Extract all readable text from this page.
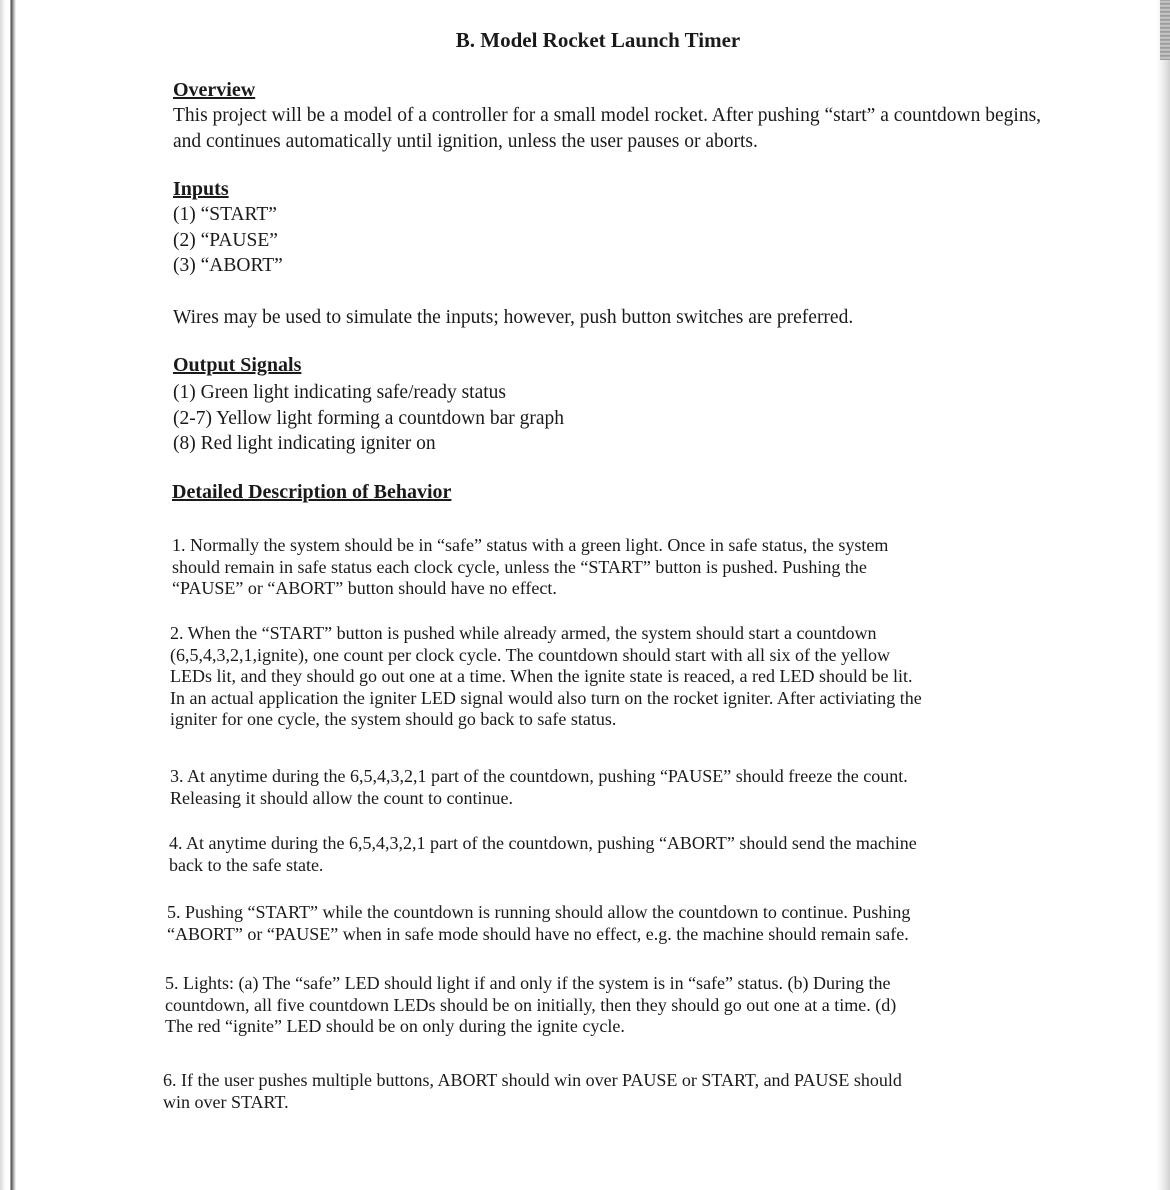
B. Model Rocket Launch Timer
Overview
This project will be a model of a controller for a small model rocket. After pushing “start” a countdown begins, and continues automatically until ignition, unless the user pauses or aborts.
Inputs
(1) “START”
(2) “PAUSE”
(3) “ABORT”
Wires may be used to simulate the inputs; however, push button switches are preferred.
Output Signals
(1) Green light indicating safe/ready status
(2-7) Yellow light forming a countdown bar graph
(8) Red light indicating igniter on
Detailed Description of Behavior
1. Normally the system should be in “safe” status with a green light. Once in safe status, the system
should remain in safe status each clock cycle, unless the “START” button is pushed. Pushing the
“PAUSE” or “ABORT” button should have no effect.
2. When the “START” button is pushed while already armed, the system should start a countdown
(6,5,4,3,2,1,ignite), one count per clock cycle. The countdown should start with all six of the yellow
LEDs lit, and they should go out one at a time. When the ignite state is reaced, a red LED should be lit.
In an actual application the igniter LED signal would also turn on the rocket igniter. After activiating the
igniter for one cycle, the system should go back to safe status.
3. At anytime during the 6,5,4,3,2,1 part of the countdown, pushing “PAUSE” should freeze the count.
Releasing it should allow the count to continue.
4. At anytime during the 6,5,4,3,2,1 part of the countdown, pushing “ABORT” should send the machine
back to the safe state.
5. Pushing “START” while the countdown is running should allow the countdown to continue. Pushing
“ABORT” or “PAUSE” when in safe mode should have no effect, e.g. the machine should remain safe.
5. Lights: (a) The “safe” LED should light if and only if the system is in “safe” status. (b) During the
countdown, all five countdown LEDs should be on initially, then they should go out one at a time. (d)
The red “ignite” LED should be on only during the ignite cycle.
6. If the user pushes multiple buttons, ABORT should win over PAUSE or START, and PAUSE should
win over START.
